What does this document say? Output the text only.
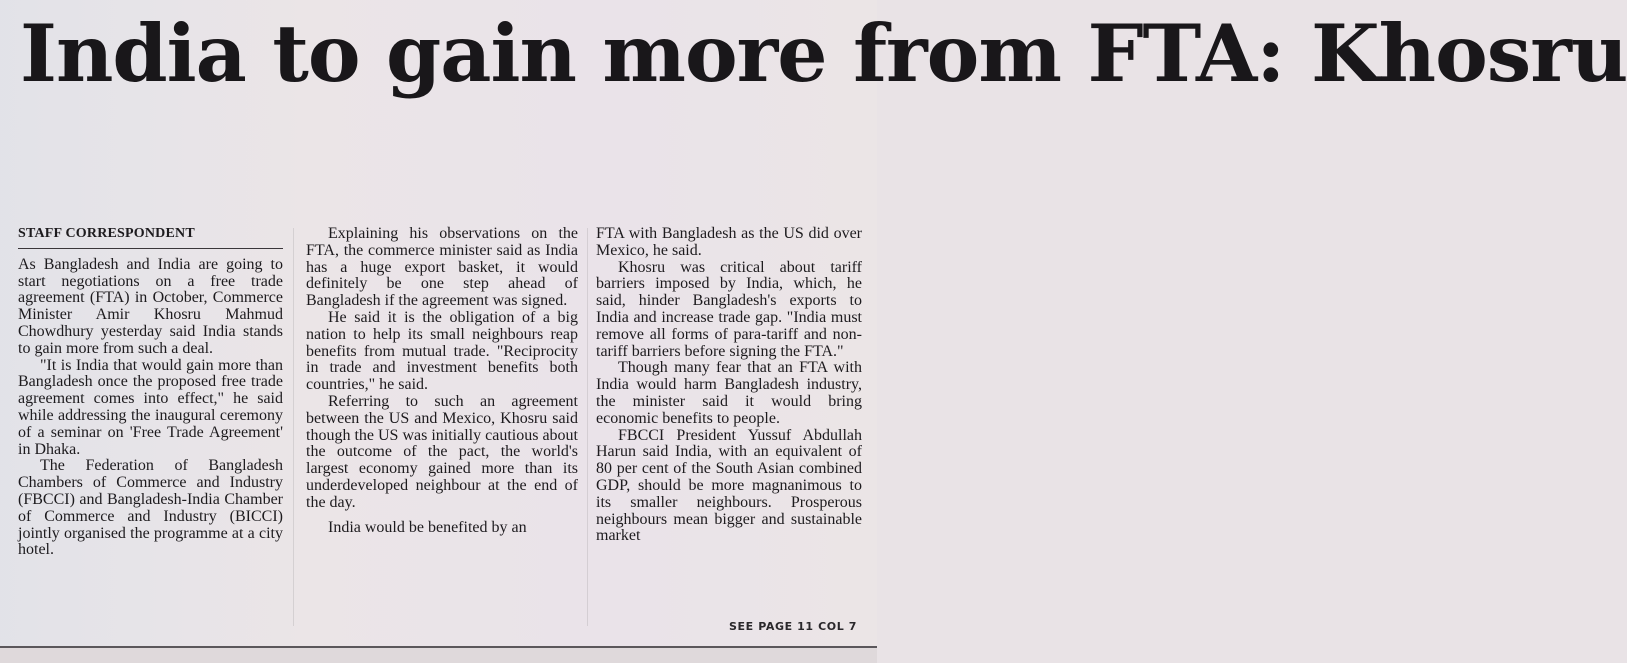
India to gain more from FTA: Khosru

STAFF CORRESPONDENT

As Bangladesh and India are going to start negotiations on a free trade agreement (FTA) in October, Commerce Minister Amir Khosru Mahmud Chowdhury yesterday said India stands to gain more from such a deal.

"It is India that would gain more than Bangladesh once the proposed free trade agreement comes into effect," he said while addressing the inaugural ceremony of a seminar on 'Free Trade Agreement' in Dhaka.

The Federation of Bangladesh Chambers of Commerce and Industry (FBCCI) and Bangladesh-India Chamber of Commerce and Industry (BICCI) jointly organised the programme at a city hotel.

Explaining his observations on the FTA, the commerce minister said as India has a huge export basket, it would definitely be one step ahead of Bangladesh if the agreement was signed.

He said it is the obligation of a big nation to help its small neighbours reap benefits from mutual trade. "Reciprocity in trade and investment benefits both countries," he said.

Referring to such an agreement between the US and Mexico, Khosru said though the US was initially cautious about the outcome of the pact, the world's largest economy gained more than its underdeveloped neighbour at the end of the day.

India would be benefited by an

FTA with Bangladesh as the US did over Mexico, he said.

Khosru was critical about tariff barriers imposed by India, which, he said, hinder Bangladesh's exports to India and increase trade gap. "India must remove all forms of para-tariff and non-tariff barriers before signing the FTA."

Though many fear that an FTA with India would harm Bangladesh industry, the minister said it would bring economic benefits to people.

FBCCI President Yussuf Abdullah Harun said India, with an equivalent of 80 per cent of the South Asian combined GDP, should be more magnanimous to its smaller neighbours. Prosperous neighbours mean bigger and sustainable market

SEE PAGE 11 COL 7
